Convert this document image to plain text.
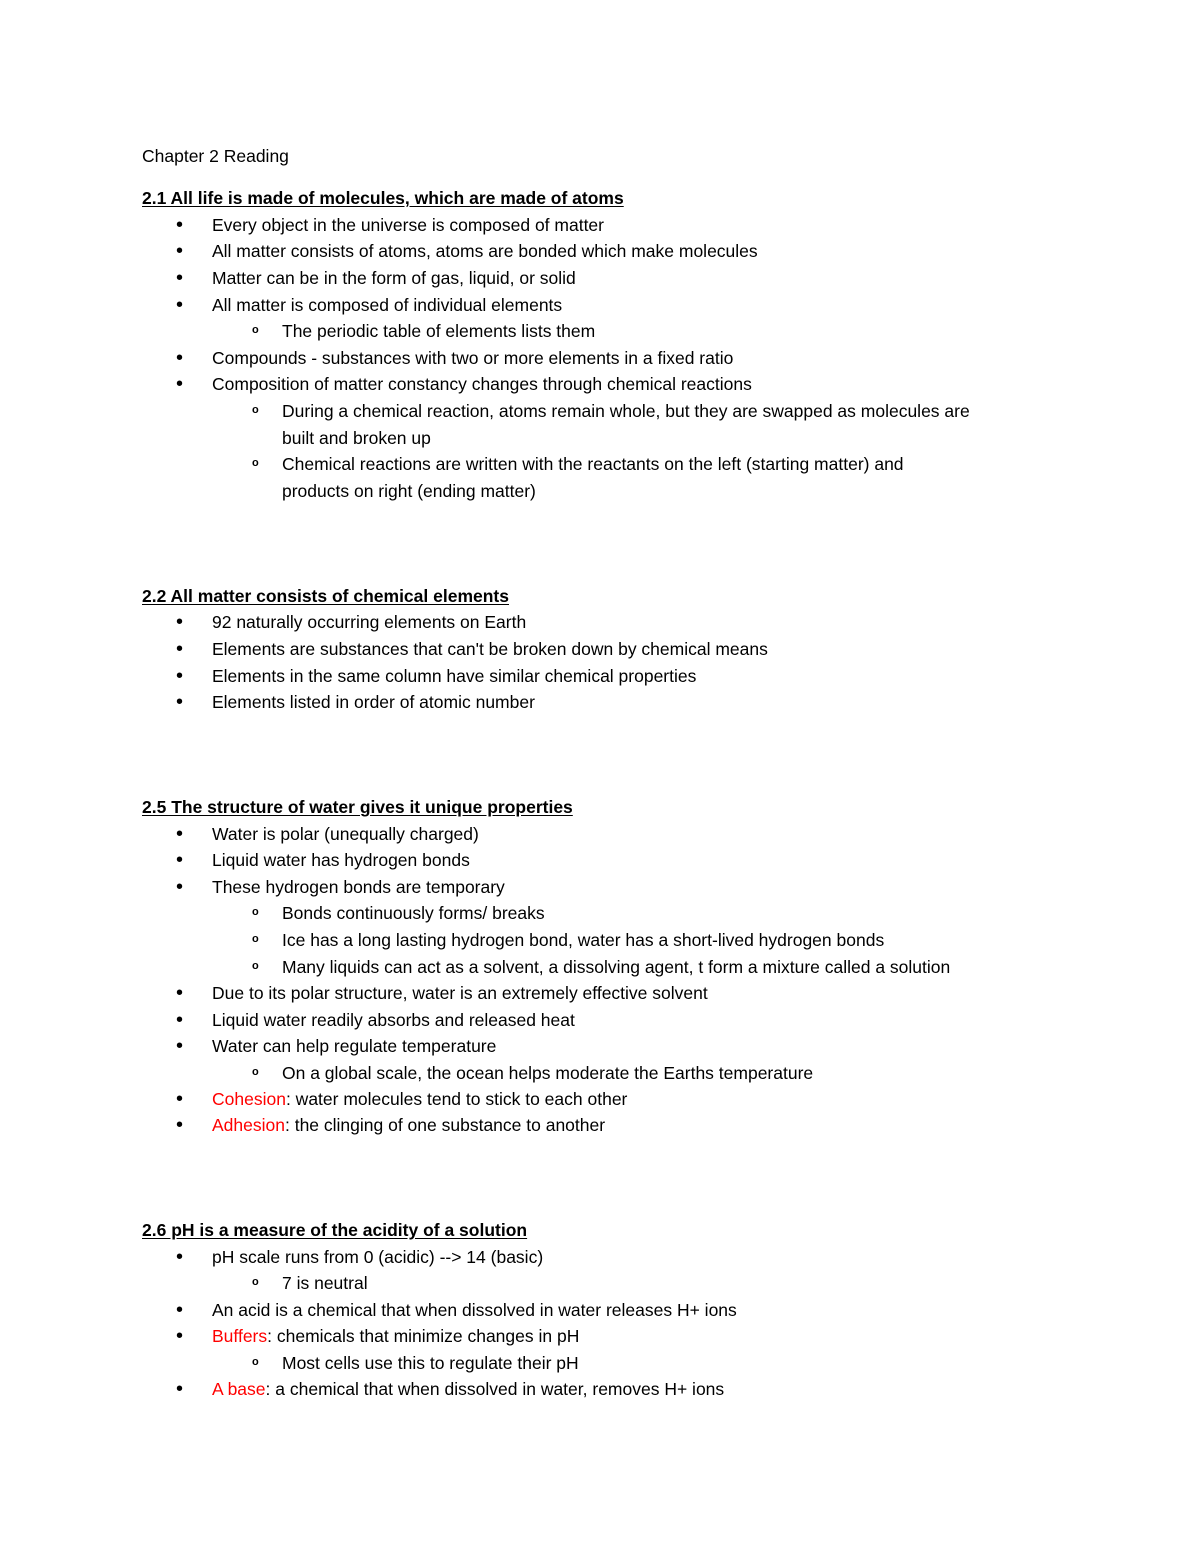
Chapter 2 Reading
2.1 All life is made of molecules, which are made of atoms
•	Every object in the universe is composed of matter
•	All matter consists of atoms, atoms are bonded which make molecules
•	Matter can be in the form of gas, liquid, or solid
•	All matter is composed of individual elements
o	The periodic table of elements lists them
•	Compounds - substances with two or more elements in a fixed ratio
•	Composition of matter constancy changes through chemical reactions
o	During a chemical reaction, atoms remain whole, but they are swapped as molecules are
built and broken up
o	Chemical reactions are written with the reactants on the left (starting matter) and
products on right (ending matter)
2.2 All matter consists of chemical elements
•	92 naturally occurring elements on Earth
•	Elements are substances that can't be broken down by chemical means
•	Elements in the same column have similar chemical properties
•	Elements listed in order of atomic number
2.5 The structure of water gives it unique properties
•	Water is polar (unequally charged)
•	Liquid water has hydrogen bonds
•	These hydrogen bonds are temporary
o	Bonds continuously forms/ breaks
o	Ice has a long lasting hydrogen bond, water has a short-lived hydrogen bonds
o	Many liquids can act as a solvent, a dissolving agent, t form a mixture called a solution
•	Due to its polar structure, water is an extremely effective solvent
•	Liquid water readily absorbs and released heat
•	Water can help regulate temperature
o	On a global scale, the ocean helps moderate the Earths temperature
•	Cohesion: water molecules tend to stick to each other
•	Adhesion: the clinging of one substance to another
2.6 pH is a measure of the acidity of a solution
•	pH scale runs from 0 (acidic) --> 14 (basic)
o	7 is neutral
•	An acid is a chemical that when dissolved in water releases H+ ions
•	Buffers: chemicals that minimize changes in pH
o	Most cells use this to regulate their pH
•	A base: a chemical that when dissolved in water, removes H+ ions
